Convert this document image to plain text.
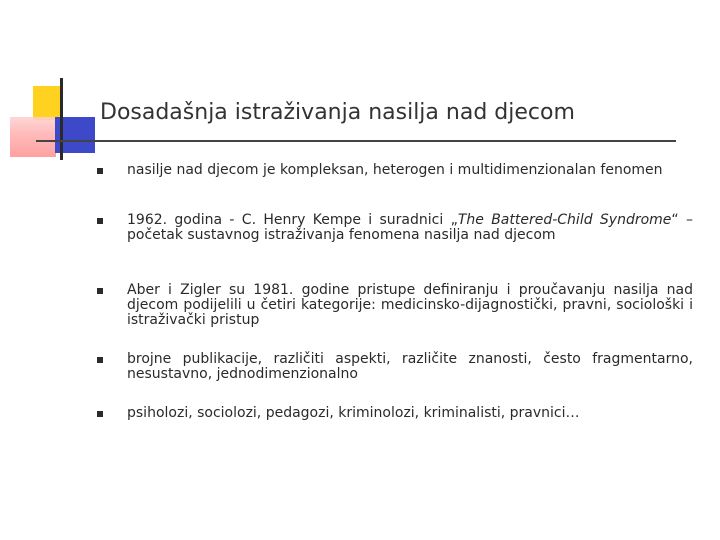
Dosadašnja istraživanja nasilja nad djecom
nasilje nad djecom je kompleksan, heterogen i multidimenzionalan fenomen
1962. godina - C. Henry Kempe i suradnici „The Battered-Child Syndrome“ – početak sustavnog istraživanja fenomena nasilja nad djecom
Aber i Zigler su 1981. godine pristupe definiranju i proučavanju nasilja nad djecom podijelili u četiri kategorije: medicinsko-dijagnostički, pravni, sociološki i istraživački pristup
brojne publikacije, različiti aspekti, različite znanosti, često fragmentarno, nesustavno, jednodimenzionalno
psiholozi, sociolozi, pedagozi, kriminolozi, kriminalisti, pravnici…
